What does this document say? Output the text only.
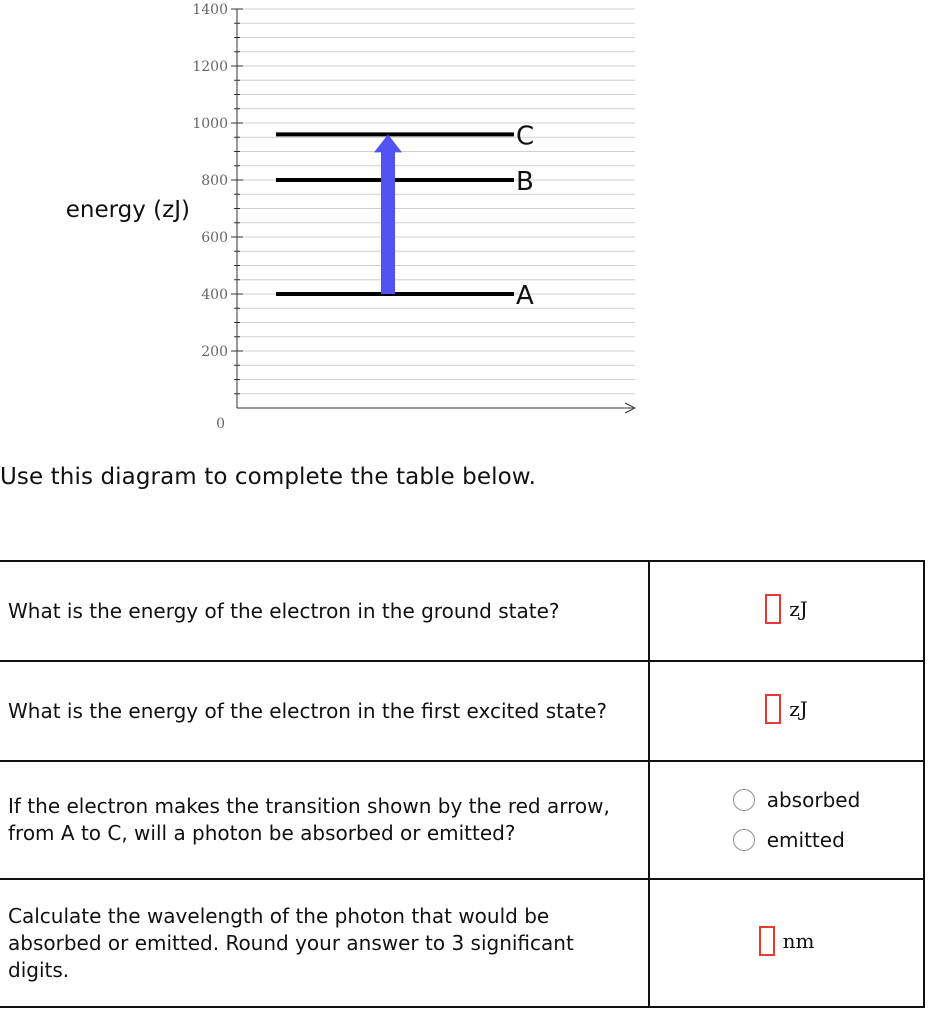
1400
1200
1000
800
600
400
200
0
A
B
C
energy (zJ)
Use this diagram to complete the table below.
What is the energy of the electron in the ground state?	zJ

What is the energy of the electron in the first excited state?	zJ

If the electron makes the transition shown by the red arrow, from A to C, will a photon be absorbed or emitted?	absorbed
emitted

Calculate the wavelength of the photon that would be absorbed or emitted. Round your answer to 3 significant digits.	nm
